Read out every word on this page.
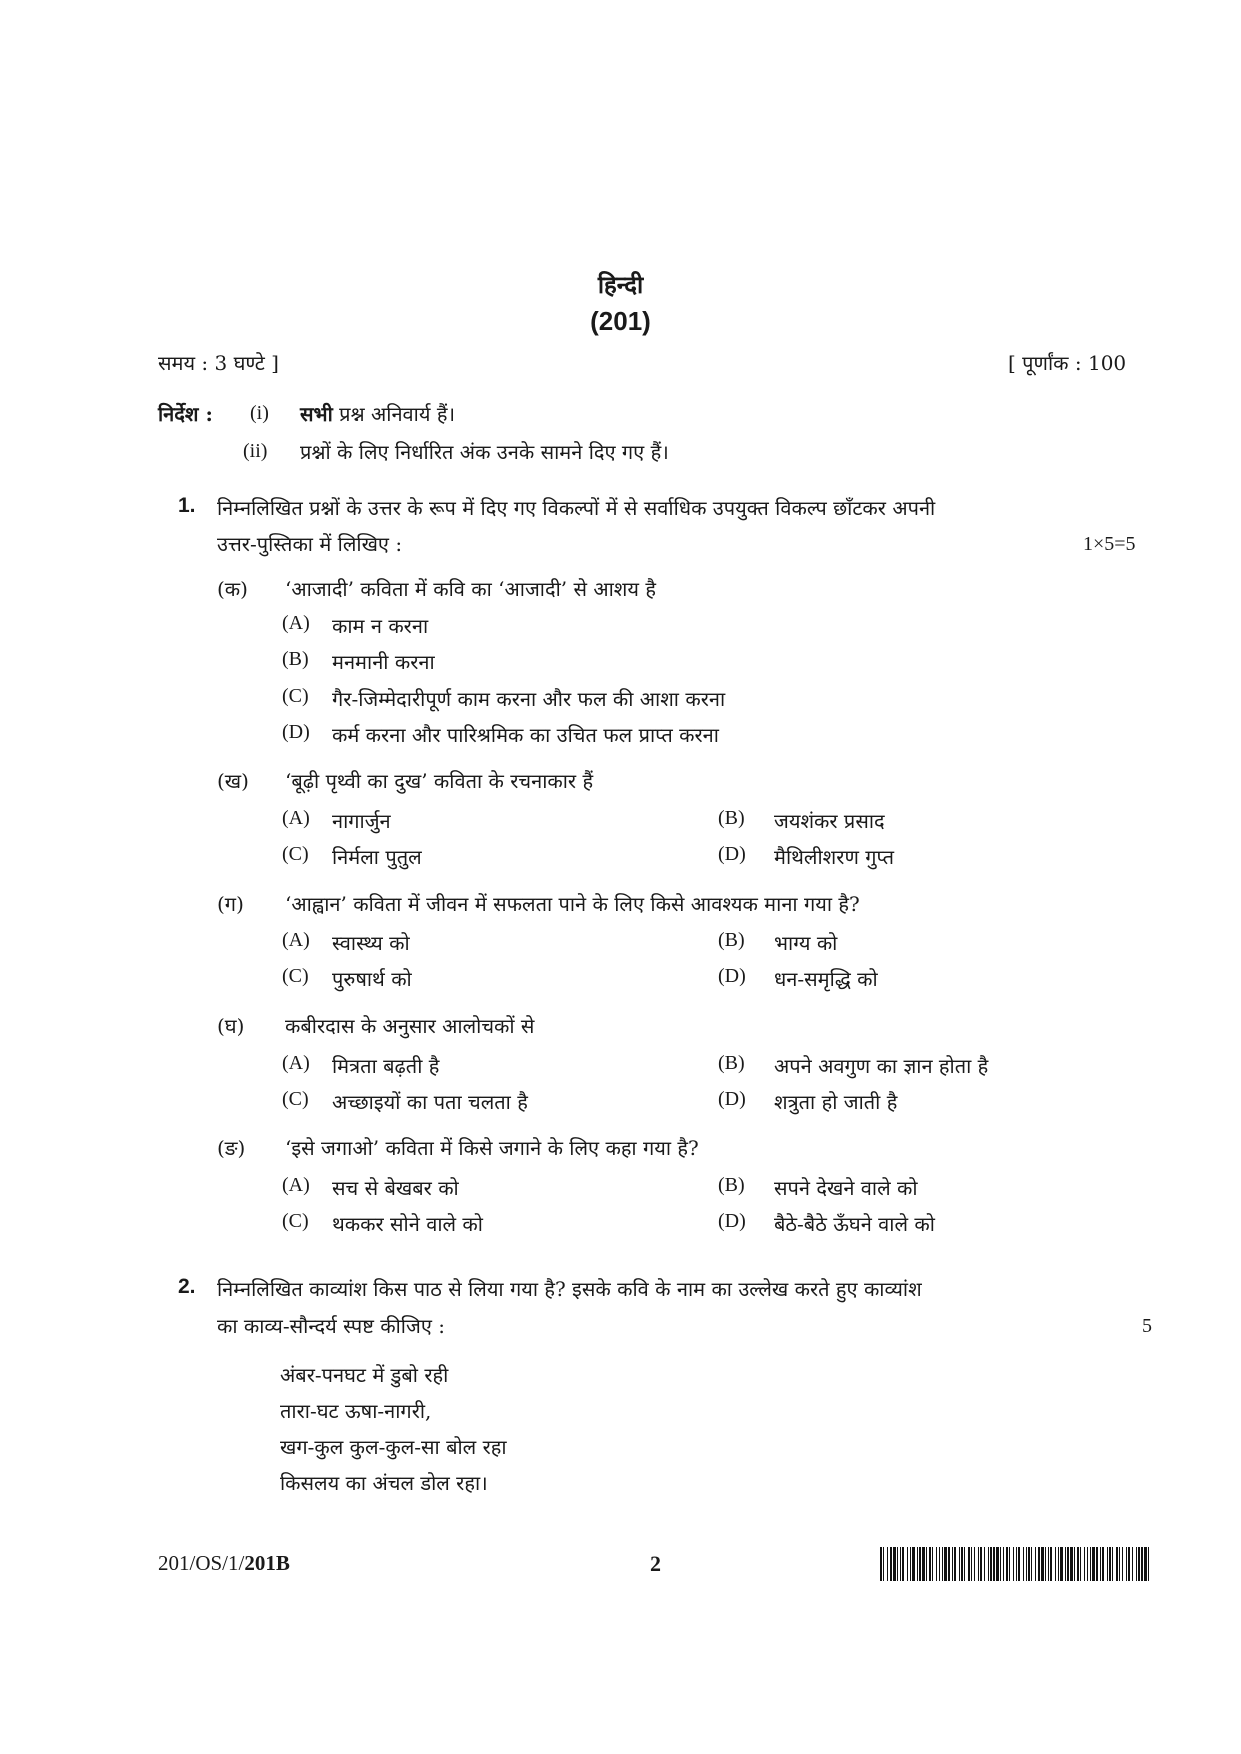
हिन्दी
(201)
समय : 3 घण्टे ]	[ पूर्णांक : 100
निर्देश : (i) सभी प्रश्न अनिवार्य हैं।
(ii) प्रश्नों के लिए निर्धारित अंक उनके सामने दिए गए हैं।
1. निम्नलिखित प्रश्नों के उत्तर के रूप में दिए गए विकल्पों में से सर्वाधिक उपयुक्त विकल्प छाँटकर अपनी
उत्तर-पुस्तिका में लिखिए :	1×5=5
(क) ‘आजादी’ कविता में कवि का ‘आजादी’ से आशय है
(A) काम न करना
(B) मनमानी करना
(C) गैर-जिम्मेदारीपूर्ण काम करना और फल की आशा करना
(D) कर्म करना और पारिश्रमिक का उचित फल प्राप्त करना
(ख) ‘बूढ़ी पृथ्वी का दुख’ कविता के रचनाकार हैं
(A) नागार्जुन	(B) जयशंकर प्रसाद
(C) निर्मला पुतुल	(D) मैथिलीशरण गुप्त
(ग) ‘आह्वान’ कविता में जीवन में सफलता पाने के लिए किसे आवश्यक माना गया है?
(A) स्वास्थ्य को	(B) भाग्य को
(C) पुरुषार्थ को	(D) धन-समृद्धि को
(घ) कबीरदास के अनुसार आलोचकों से
(A) मित्रता बढ़ती है	(B) अपने अवगुण का ज्ञान होता है
(C) अच्छाइयों का पता चलता है	(D) शत्रुता हो जाती है
(ङ) ‘इसे जगाओ’ कविता में किसे जगाने के लिए कहा गया है?
(A) सच से बेखबर को	(B) सपने देखने वाले को
(C) थककर सोने वाले को	(D) बैठे-बैठे ऊँघने वाले को
2. निम्नलिखित काव्यांश किस पाठ से लिया गया है? इसके कवि के नाम का उल्लेख करते हुए काव्यांश
का काव्य-सौन्दर्य स्पष्ट कीजिए :	5
अंबर-पनघट में डुबो रही
तारा-घट ऊषा-नागरी,
खग-कुल कुल-कुल-सा बोल रहा
किसलय का अंचल डोल रहा।
201/OS/1/201B	2
